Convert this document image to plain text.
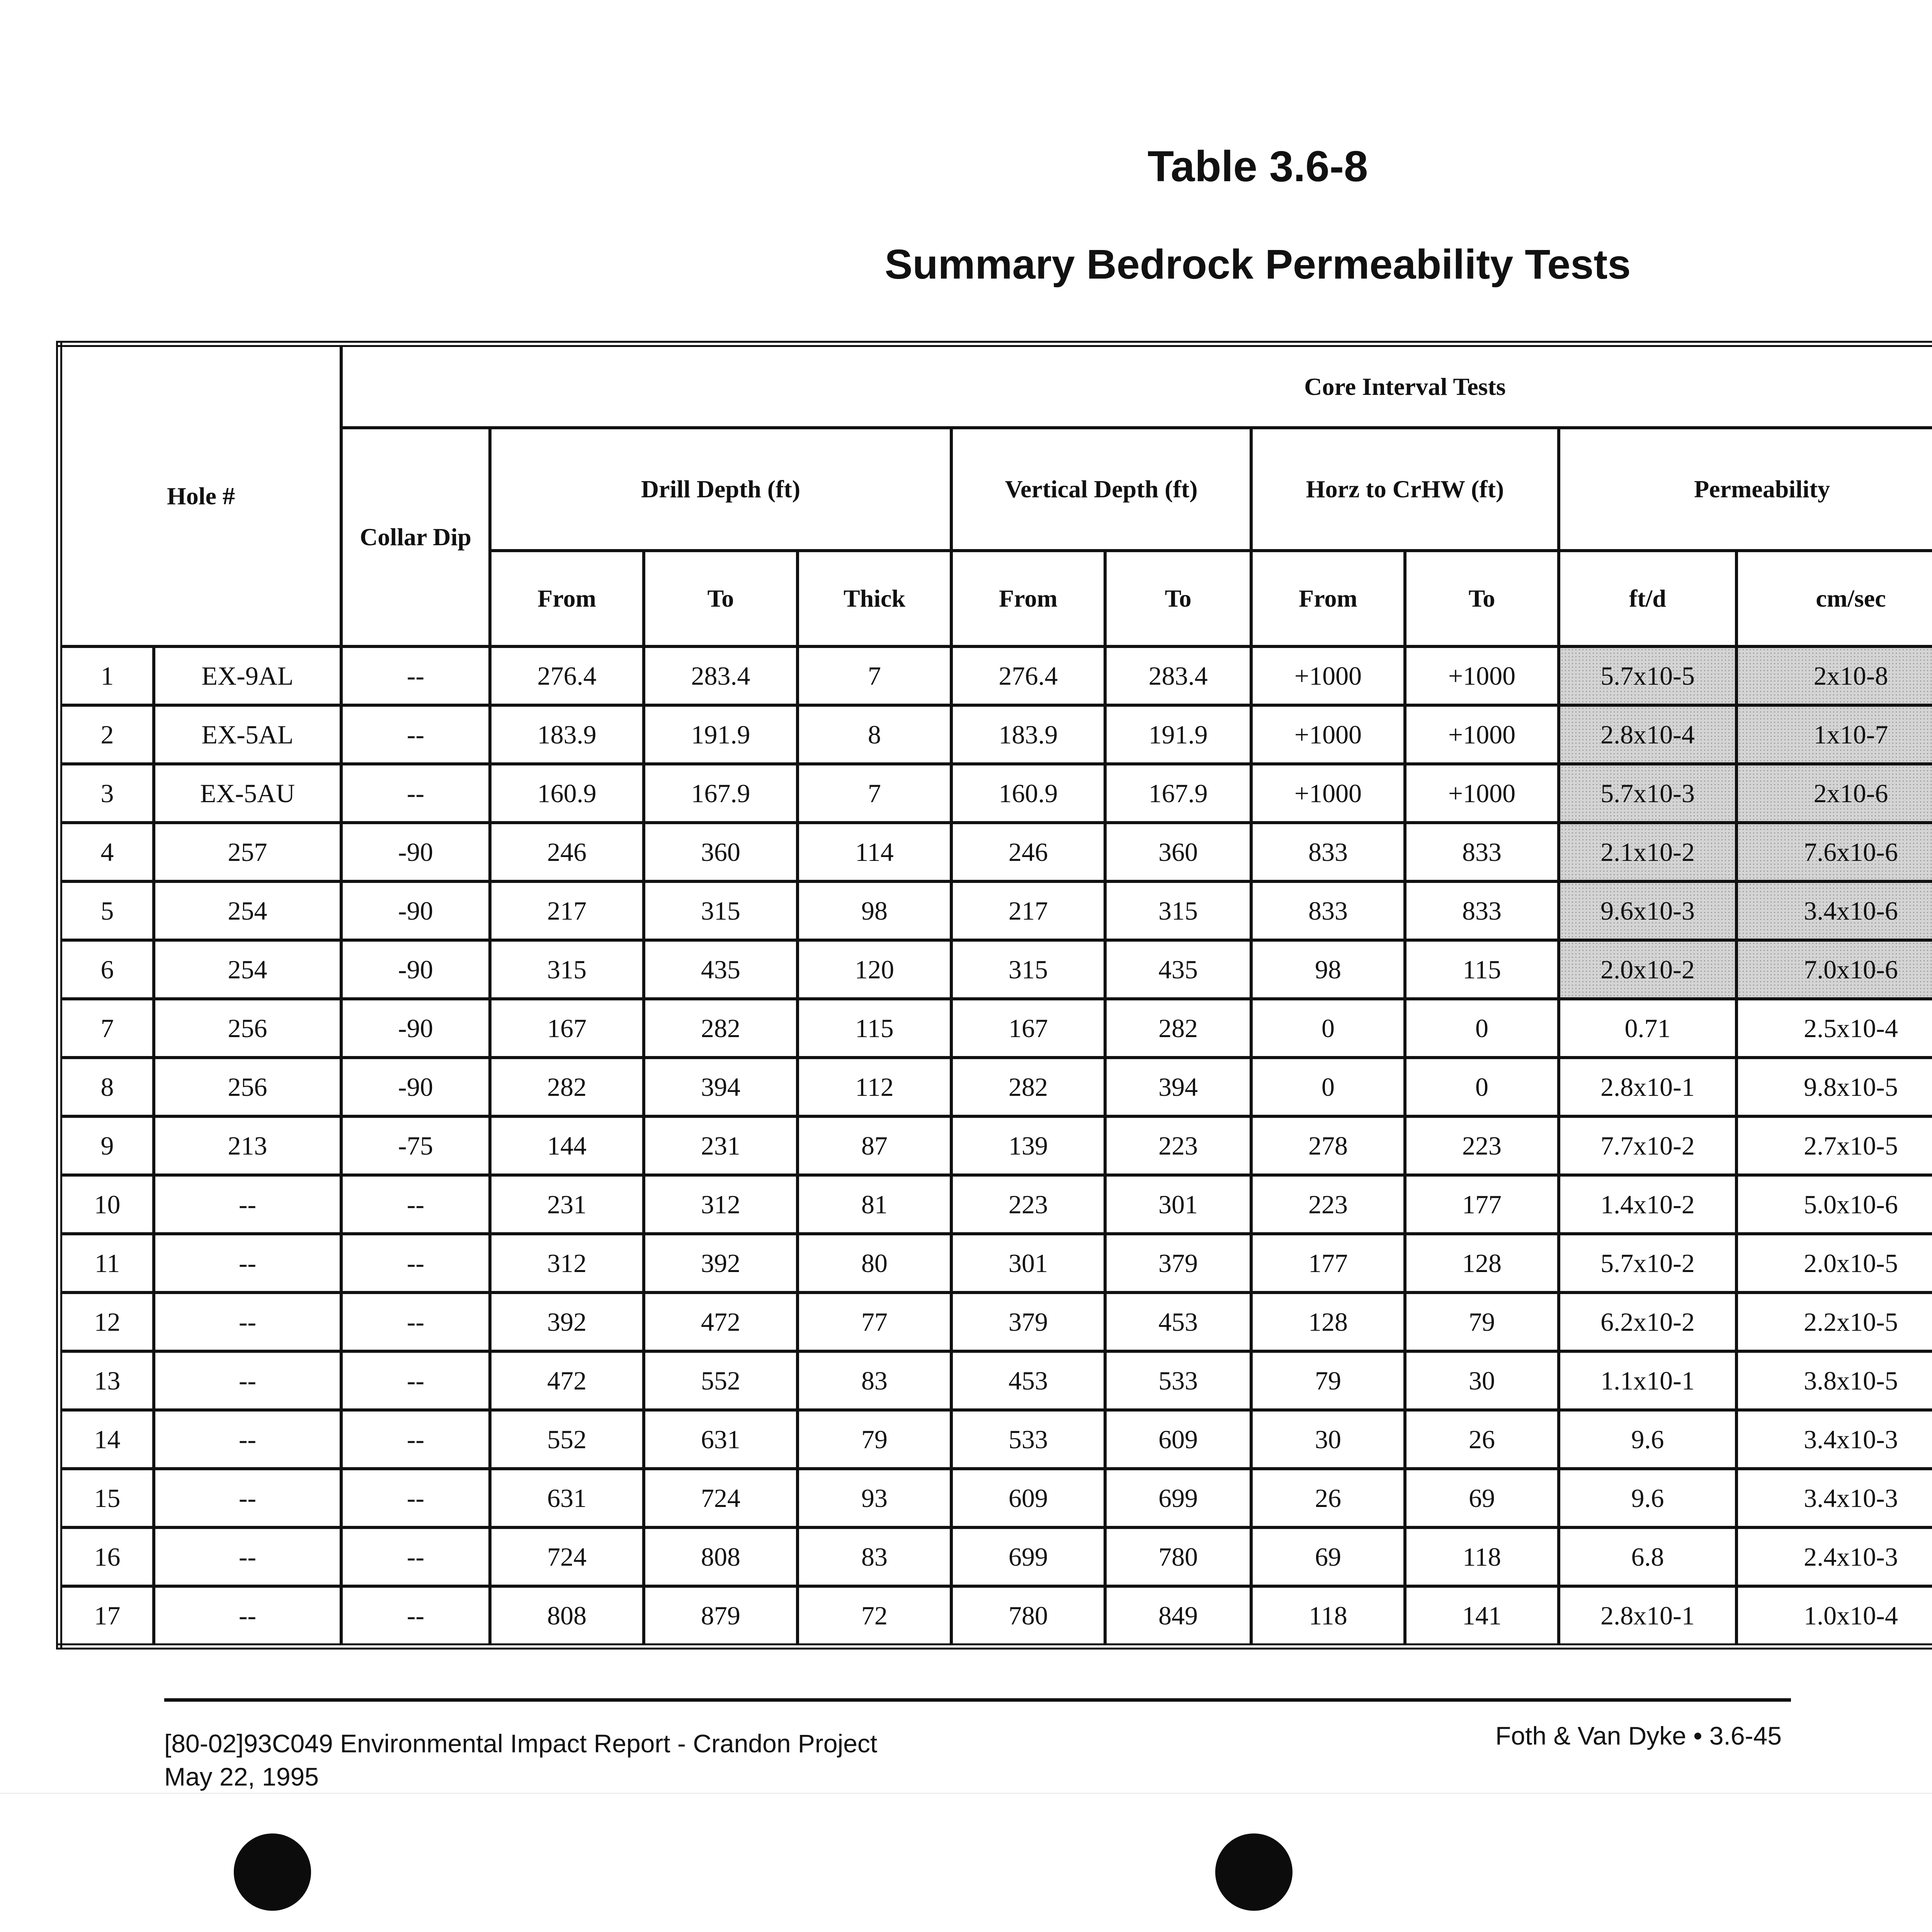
Table 3.6-8
Summary Bedrock Permeability Tests
Hole #		Core Interval Tests											
		Collar Dip	Drill Depth (ft)			Vertical Depth (ft)		Horz to CrHW (ft)		Permeability		
			From	To	Thick	From	To	From	To	ft/d	cm/sec		
1	EX-9AL	--	276.4	283.4	7	276.4	283.4	+1000	+1000	5.7x10-5	2x10-8		
2	EX-5AL	--	183.9	191.9	8	183.9	191.9	+1000	+1000	2.8x10-4	1x10-7		
3	EX-5AU	--	160.9	167.9	7	160.9	167.9	+1000	+1000	5.7x10-3	2x10-6		
4	257	-90	246	360	114	246	360	833	833	2.1x10-2	7.6x10-6		
5	254	-90	217	315	98	217	315	833	833	9.6x10-3	3.4x10-6		
6	254	-90	315	435	120	315	435	98	115	2.0x10-2	7.0x10-6		
7	256	-90	167	282	115	167	282	0	0	0.71	2.5x10-4		
8	256	-90	282	394	112	282	394	0	0	2.8x10-1	9.8x10-5		
9	213	-75	144	231	87	139	223	278	223	7.7x10-2	2.7x10-5		
10	--	--	231	312	81	223	301	223	177	1.4x10-2	5.0x10-6		
11	--	--	312	392	80	301	379	177	128	5.7x10-2	2.0x10-5		
12	--	--	392	472	77	379	453	128	79	6.2x10-2	2.2x10-5		
13	--	--	472	552	83	453	533	79	30	1.1x10-1	3.8x10-5		
14	--	--	552	631	79	533	609	30	26	9.6	3.4x10-3		
15	--	--	631	724	93	609	699	26	69	9.6	3.4x10-3		
16	--	--	724	808	83	699	780	69	118	6.8	2.4x10-3		
17	--	--	808	879	72	780	849	118	141	2.8x10-1	1.0x10-4		
[80-02]93C049 Environmental Impact Report - Crandon Project
May 22, 1995
Foth & Van Dyke • 3.6-45
